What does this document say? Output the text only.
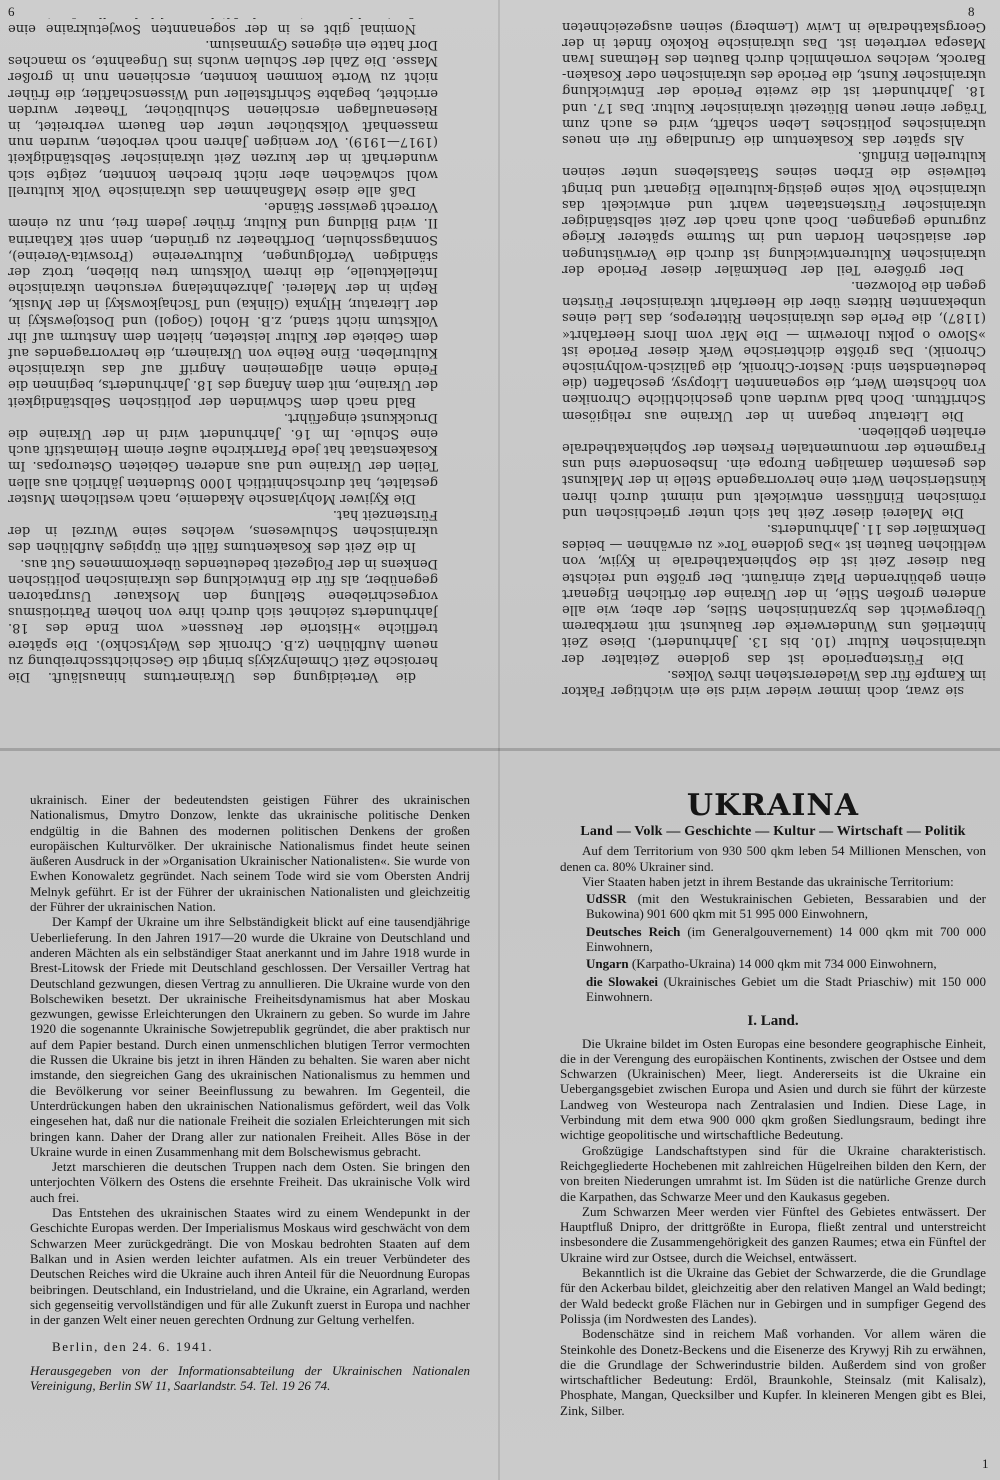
6	8

die Verteidigung des Ukrainertums hinausläuft. Die heroische Zeit Chmelnyzkyjs bringt die Geschichtsschreibung zu neuem Aufblühen (z.B. Chronik des Welytschko). Die spätere treffliche »Historie der Reussen« vom Ende des 18. Jahrhunderts zeichnet sich durch ihre von hohem Patriotismus vorgeschriebene Stellung den Moskauer Usurpatoren gegenüber, als für die Entwicklung des ukrainischen politischen Denkens in der Folgezeit bedeutendes überkommenes Gut aus.

In die Zeit des Kosakentums fällt ein üppiges Aufblühen des ukrainischen Schulwesens, welches seine Wurzel in der Fürstenzeit hat.

Die Kyjiwer Mohylansche Akademie, nach westlichem Muster gestaltet, hat durchschnittlich 1000 Studenten jährlich aus allen Teilen der Ukraine und aus anderen Gebieten Osteuropas. Im Kosakenstaat hat jede Pfarrkirche außer einem Heimatstift auch eine Schule. Im 16. Jahrhundert wird in der Ukraine die Druckkunst eingeführt.

Bald nach dem Schwinden der politischen Selbständigkeit der Ukraine, mit dem Anfang des 18. Jahrhunderts, beginnen die Feinde einen allgemeinen Angriff auf das ukrainische Kulturleben. Eine Reihe von Ukrainern, die hervorragendes auf dem Gebiete der Kultur leisteten, hielten dem Ansturm auf ihr Volkstum nicht stand, z.B. Hohol (Gogol) und Dostojewskyj in der Literatur, Hlynka (Glinka) und Tschajkowskyj in der Musik, Repin in der Malerei. Jahrzehntelang versuchen ukrainische Intellektuelle, die ihrem Volkstum treu blieben, trotz der ständigen Verfolgungen, Kulturvereine (Proswita-Vereine), Sonntagsschulen, Dorftheater zu gründen, denn seit Katharina II. wird Bildung und Kultur, früher jedem frei, nun zu einem Vorrecht gewisser Stände.

Daß alle diese Maßnahmen das ukrainische Volk kulturell wohl schwächen aber nicht brechen konnten, zeigte sich wunderhaft in der kurzen Zeit ukrainischer Selbständigkeit (1917—1919). Vor wenigen Jahren noch verboten, wurden nun massenhaft Volksbücher unter den Bauern verbreitet, in Riesenauflagen erschienen Schulbücher, Theater wurden errichtet, begabte Schriftsteller und Wissenschaftler, die früher nicht zu Worte kommen konnten, erschienen nun in großer Masse. Die Zahl der Schulen wuchs ins Ungeahnte, so manches Dorf hatte ein eigenes Gymnasium.

Nominal gibt es in der sogenannten Sowjetukraine eine

sie zwar, doch immer wieder wird sie ein wichtiger Faktor im Kampfe für das Wiedererstehen ihres Volkes.

Die Fürstenperiode ist das goldene Zeitalter der ukrainischen Kultur (10. bis 13. Jahrhundert). Diese Zeit hinterließ uns Wunderwerke der Baukunst mit merkbarem Übergewicht des byzantinischen Stiles, der aber, wie alle anderen großen Stile, in der Ukraine der örtlichen Eigenart einen gebührenden Platz einräumt. Der größte und reichste Bau dieser Zeit ist die Sophienkathedrale in Kyjiw, von weltlichen Bauten ist »Das goldene Tor« zu erwähnen — beides Denkmäler des 11. Jahrhunderts.

Die Malerei dieser Zeit hat sich unter griechischen und römischen Einflüssen entwickelt und nimmt durch ihren künstlerischen Wert eine hervorragende Stelle in der Malkunst des gesamten damaligen Europa ein. Insbesondere sind uns Fragmente der monumentalen Fresken der Sophienkathedrale erhalten geblieben.

Die Literatur begann in der Ukraine aus religiösem Schrifttum. Doch bald wurden auch geschichtliche Chroniken von höchstem Wert, die sogenannten Litopysy, geschaffen (die bedeutendsten sind: Nestor-Chronik, die galizisch-wolhynische Chronik). Das größte dichterische Werk dieser Periode ist »Slowo o polku Ihorewim — Die Mär vom Ihors Heerfahrt« (1187), die Perle des ukrainischen Ritterepos, das Lied eines unbekannten Ritters über die Heerfahrt ukrainischer Fürsten gegen die Polowzen.

Der größere Teil der Denkmäler dieser Periode der ukrainischen Kulturentwicklung ist durch die Verwüstungen der asiatischen Horden und im Sturme späterer Kriege zugrunde gegangen. Doch auch nach der Zeit selbständiger ukrainischer Fürstenstaaten wahrt und entwickelt das ukrainische Volk seine geistig-kulturelle Eigenart und bringt teilweise die Erben seines Staatslebens unter seinen kulturellen Einfluß.

Als später das Kosakentum die Grundlage für ein neues ukrainisches politisches Leben schafft, wird es auch zum Träger einer neuen Blütezeit ukrainischer Kultur. Das 17. und 18. Jahrhundert ist die zweite Periode der Entwicklung ukrainischer Kunst, die Periode des ukrainischen oder Kosaken-Barock, welches vornehmlich durch Bauten des Hetmans Iwan Masepa vertreten ist. Das ukrainische Rokoko findet in der Georgskathedrale in Lwiw (Lemberg) seinen ausgezeichneten

ukrainisch. Einer der bedeutendsten geistigen Führer des ukrainischen Nationalismus, Dmytro Donzow, lenkte das ukrainische politische Denken endgültig in die Bahnen des modernen politischen Denkens der großen europäischen Kulturvölker. Der ukrainische Nationalismus findet heute seinen äußeren Ausdruck in der »Organisation Ukrainischer Nationalisten«. Sie wurde von Ewhen Konowaletz gegründet. Nach seinem Tode wird sie vom Obersten Andrij Melnyk geführt. Er ist der Führer der ukrainischen Nationalisten und gleichzeitig der Führer der ukrainischen Nation.

Der Kampf der Ukraine um ihre Selbständigkeit blickt auf eine tausendjährige Ueberlieferung. In den Jahren 1917—20 wurde die Ukraine von Deutschland und anderen Mächten als ein selbständiger Staat anerkannt und im Jahre 1918 wurde in Brest-Litowsk der Friede mit Deutschland geschlossen. Der Versailler Vertrag hat Deutschland gezwungen, diesen Vertrag zu annullieren. Die Ukraine wurde von den Bolschewiken besetzt. Der ukrainische Freiheitsdynamismus hat aber Moskau gezwungen, gewisse Erleichterungen den Ukrainern zu geben. So wurde im Jahre 1920 die sogenannte Ukrainische Sowjetrepublik gegründet, die aber praktisch nur auf dem Papier bestand. Durch einen unmenschlichen blutigen Terror vermochten die Russen die Ukraine bis jetzt in ihren Händen zu behalten. Sie waren aber nicht imstande, den siegreichen Gang des ukrainischen Nationalismus zu hemmen und die Bevölkerung vor seiner Beeinflussung zu bewahren. Im Gegenteil, die Unterdrückungen haben den ukrainischen Nationalismus gefördert, weil das Volk eingesehen hat, daß nur die nationale Freiheit die sozialen Erleichterungen mit sich bringen kann. Daher der Drang aller zur nationalen Freiheit. Alles Böse in der Ukraine wurde in einen Zusammenhang mit dem Bolschewismus gebracht.

Jetzt marschieren die deutschen Truppen nach dem Osten. Sie bringen den unterjochten Völkern des Ostens die ersehnte Freiheit. Das ukrainische Volk wird auch frei.

Das Entstehen des ukrainischen Staates wird zu einem Wendepunkt in der Geschichte Europas werden. Der Imperialismus Moskaus wird geschwächt von dem Schwarzen Meer zurückgedrängt. Die von Moskau bedrohten Staaten auf dem Balkan und in Asien werden leichter aufatmen. Als ein treuer Verbündeter des Deutschen Reiches wird die Ukraine auch ihren Anteil für die Neuordnung Europas beibringen. Deutschland, ein Industrieland, und die Ukraine, ein Agrarland, werden sich gegenseitig vervollständigen und für alle Zukunft zuerst in Europa und nachher in der ganzen Welt einer neuen gerechten Ordnung zur Geltung verhelfen.

Berlin, den 24. 6. 1941.

Herausgegeben von der Informationsabteilung der Ukrainischen Nationalen Vereinigung, Berlin SW 11, Saarlandstr. 54. Tel. 19 26 74.

UKRAINA

Land — Volk — Geschichte — Kultur — Wirtschaft — Politik

Auf dem Territorium von 930 500 qkm leben 54 Millionen Menschen, von denen ca. 80% Ukrainer sind.

Vier Staaten haben jetzt in ihrem Bestande das ukrainische Territorium:

UdSSR (mit den Westukrainischen Gebieten, Bessarabien und der Bukowina) 901 600 qkm mit 51 995 000 Einwohnern,

Deutsches Reich (im Generalgouvernement) 14 000 qkm mit 700 000 Einwohnern,

Ungarn (Karpatho-Ukraina) 14 000 qkm mit 734 000 Einwohnern,

die Slowakei (Ukrainisches Gebiet um die Stadt Priaschiw) mit 150 000 Einwohnern.

I. Land.

Die Ukraine bildet im Osten Europas eine besondere geographische Einheit, die in der Verengung des europäischen Kontinents, zwischen der Ostsee und dem Schwarzen (Ukrainischen) Meer, liegt. Andererseits ist die Ukraine ein Uebergangsgebiet zwischen Europa und Asien und durch sie führt der kürzeste Landweg von Westeuropa nach Zentralasien und Indien. Diese Lage, in Verbindung mit dem etwa 900 000 qkm großen Siedlungsraum, bedingt ihre wichtige geopolitische und wirtschaftliche Bedeutung.

Großzügige Landschaftstypen sind für die Ukraine charakteristisch. Reichgegliederte Hochebenen mit zahlreichen Hügelreihen bilden den Kern, der von breiten Niederungen umrahmt ist. Im Süden ist die natürliche Grenze durch die Karpathen, das Schwarze Meer und den Kaukasus gegeben.

Zum Schwarzen Meer werden vier Fünftel des Gebietes entwässert. Der Hauptfluß Dnipro, der drittgrößte in Europa, fließt zentral und unterstreicht insbesondere die Zusammengehörigkeit des ganzen Raumes; etwa ein Fünftel der Ukraine wird zur Ostsee, durch die Weichsel, entwässert.

Bekanntlich ist die Ukraine das Gebiet der Schwarzerde, die die Grundlage für den Ackerbau bildet, gleichzeitig aber den relativen Mangel an Wald bedingt; der Wald bedeckt große Flächen nur in Gebirgen und in sumpfiger Gegend des Polissja (im Nordwesten des Landes).

Bodenschätze sind in reichem Maß vorhanden. Vor allem wären die Steinkohle des Donetz-Beckens und die Eisenerze des Krywyj Rih zu erwähnen, die die Grundlage der Schwerindustrie bilden. Außerdem sind von großer wirtschaftlicher Bedeutung: Erdöl, Braunkohle, Steinsalz (mit Kalisalz), Phosphate, Mangan, Quecksilber und Kupfer. In kleineren Mengen gibt es Blei, Zink, Silber.

1
